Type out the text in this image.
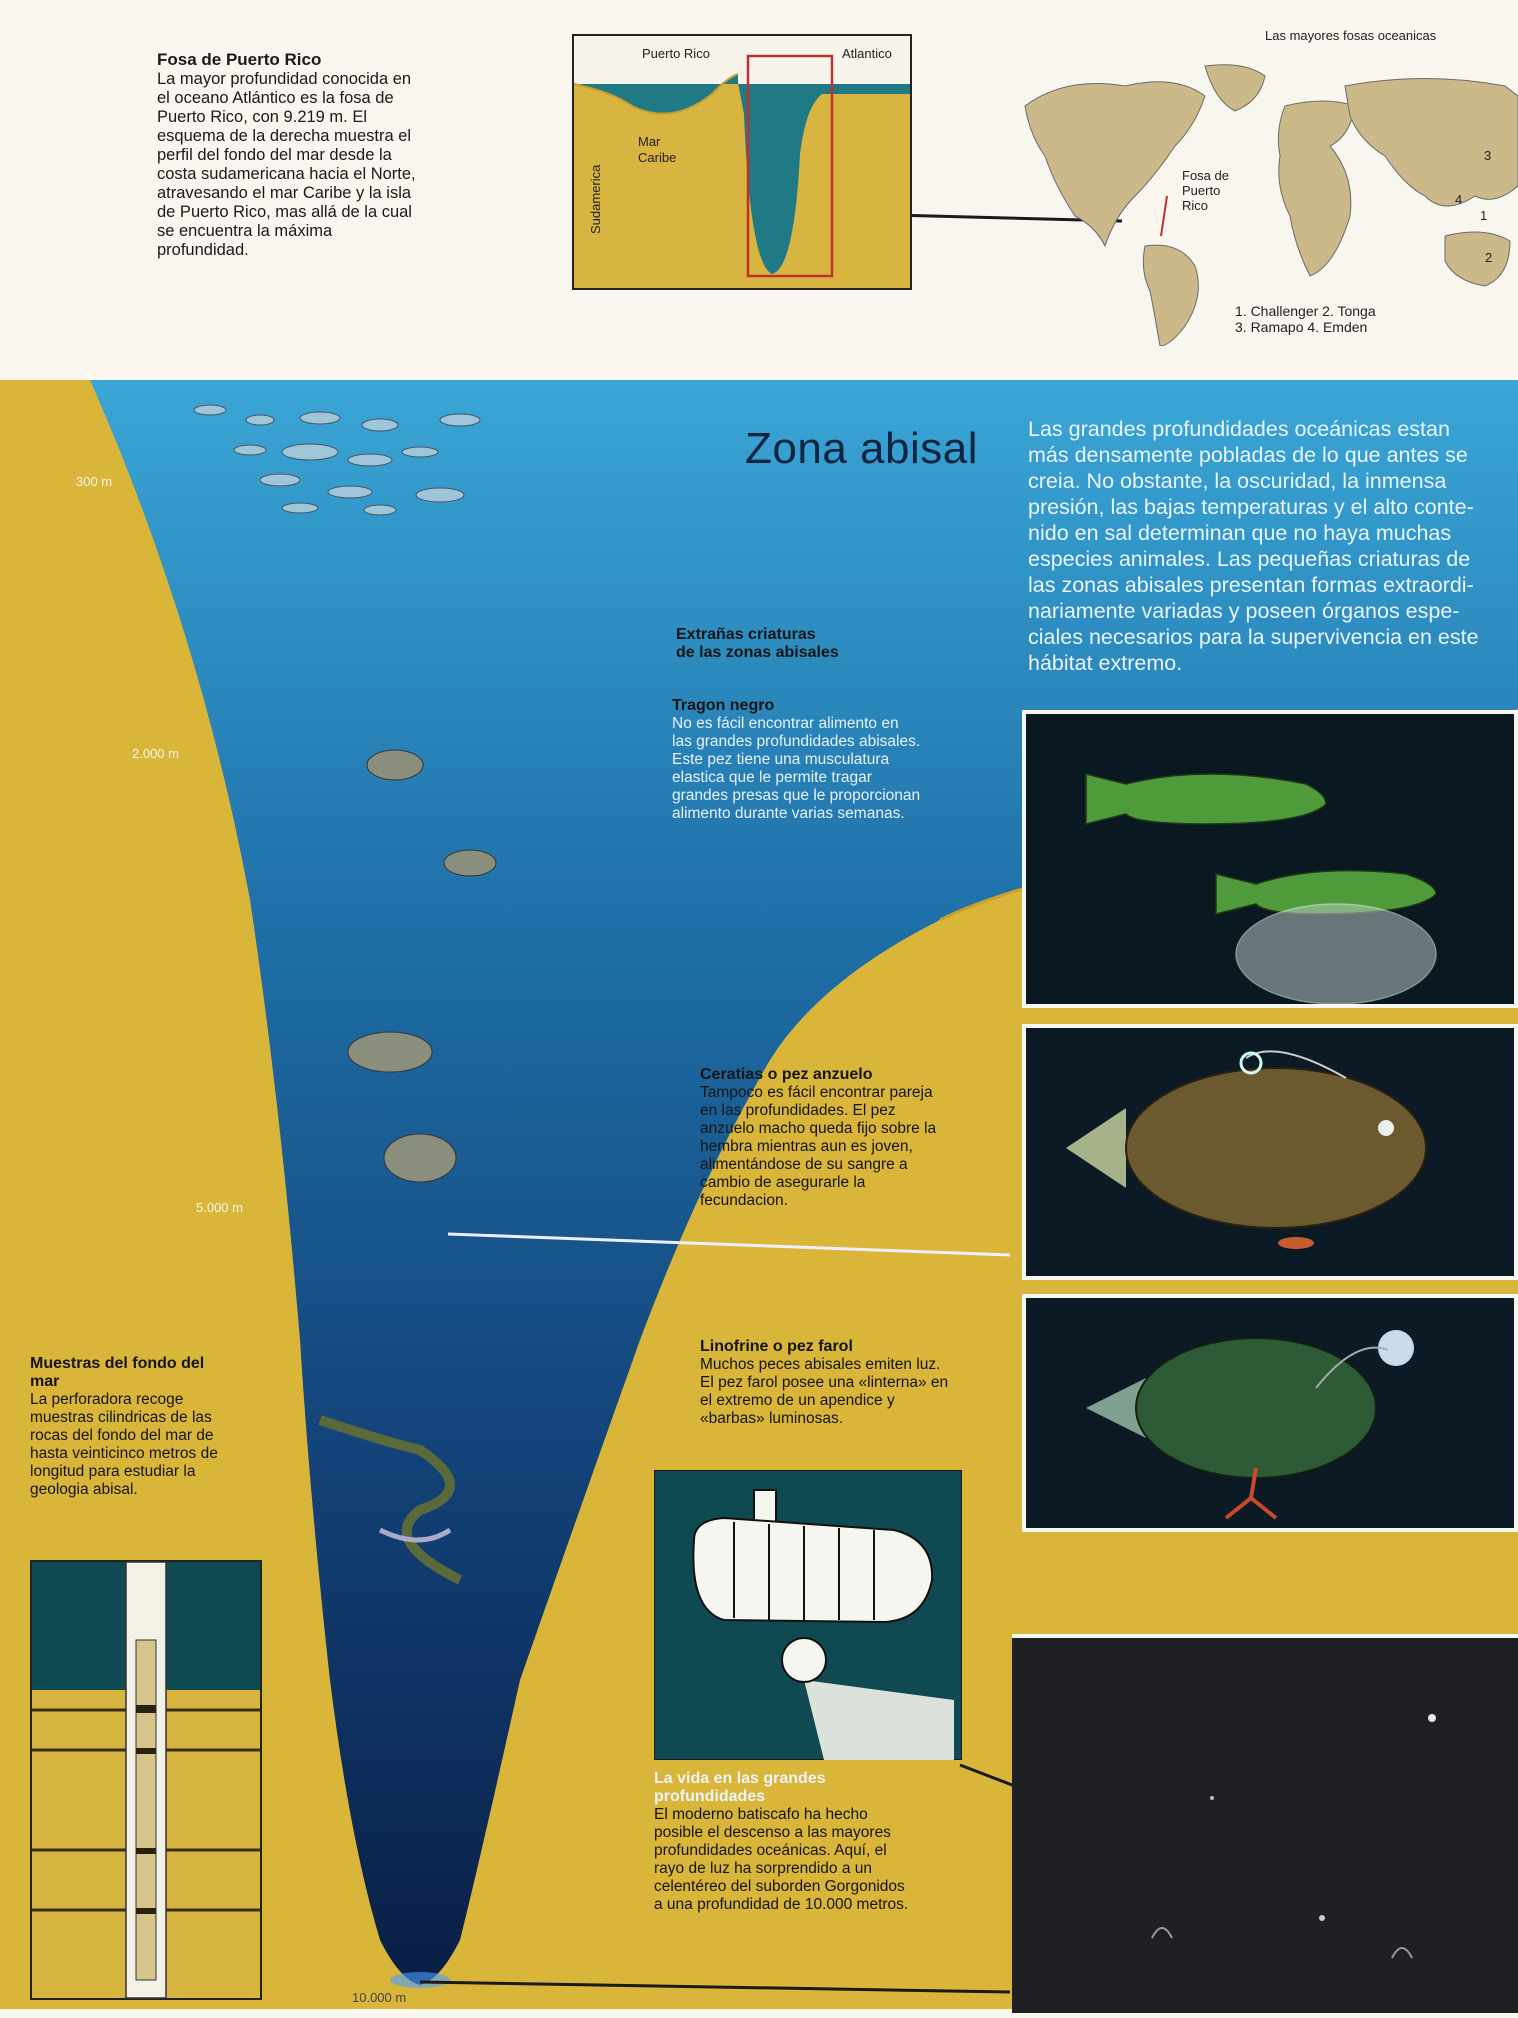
Fosa de Puerto Rico
La mayor profundidad conocida en
el oceano Atlántico es la fosa de
Puerto Rico, con 9.219 m. El
esquema de la derecha muestra el
perfil del fondo del mar desde la
costa sudamericana hacia el Norte,
atravesando el mar Caribe y la isla
de Puerto Rico, mas allá de la cual
se encuentra la máxima
profundidad.
Puerto Rico	Atlantico
Mar
Caribe
Sudamerica
Las mayores fosas oceanicas
Fosa de
Puerto
Rico
1
2
3
4
1. Challenger 2. Tonga
3. Ramapo 4. Emden
300 m
2.000 m
5.000 m
10.000 m
Zona abisal Las grandes profundidades oceánicas estan
más densamente pobladas de lo que antes se
creia. No obstante, la oscuridad, la inmensa
presión, las bajas temperaturas y el alto conte-
nido en sal determinan que no haya muchas
especies animales. Las pequeñas criaturas de
las zonas abisales presentan formas extraordi-
nariamente variadas y poseen órganos espe-
ciales necesarios para la supervivencia en este
hábitat extremo.
Extrañas criaturas
de las zonas abisales
Tragon negro
No es fácil encontrar alimento en
las grandes profundidades abisales.
Este pez tiene una musculatura
elastica que le permite tragar
grandes presas que le proporcionan
alimento durante varias semanas.
Ceratias o pez anzuelo
Tampoco es fácil encontrar pareja
en las profundidades. El pez
anzuelo macho queda fijo sobre la
hembra mientras aun es joven,
alimentándose de su sangre a
cambio de asegurarle la
fecundacion.
Linofrine o pez farol
Muchos peces abisales emiten luz.
El pez farol posee una «linterna» en
el extremo de un apendice y
«barbas» luminosas.
Muestras del fondo del
mar
La perforadora recoge
muestras cilindricas de las
rocas del fondo del mar de
hasta veinticinco metros de
longitud para estudiar la
geologia abisal.
La vida en las grandes
profundidades
El moderno batiscafo ha hecho
posible el descenso a las mayores
profundidades oceánicas. Aquí, el
rayo de luz ha sorprendido a un
celentéreo del suborden Gorgonidos
a una profundidad de 10.000 metros.
